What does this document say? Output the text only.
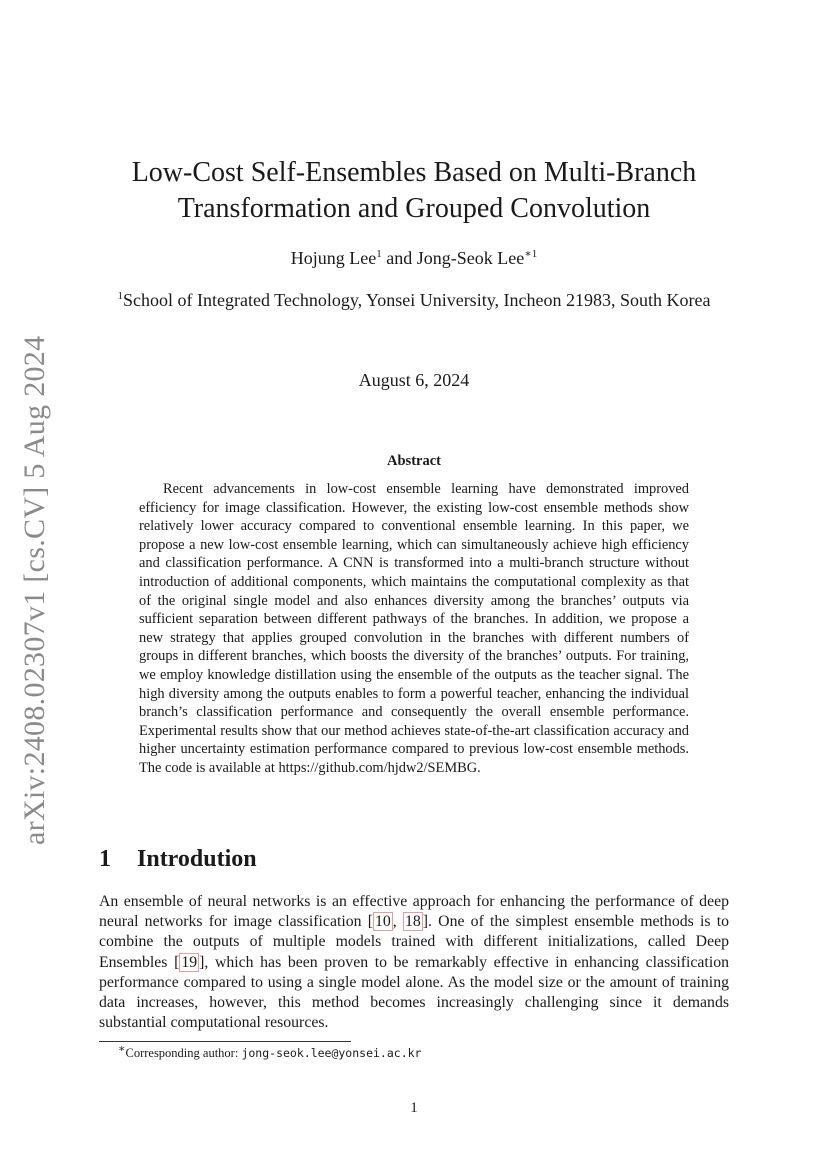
arXiv:2408.02307v1 [cs.CV] 5 Aug 2024
Low-Cost Self-Ensembles Based on Multi-Branch
Transformation and Grouped Convolution
Hojung Lee$^1$ and Jong-Seok Lee$^{∗1}$
$^1$School of Integrated Technology, Yonsei University, Incheon 21983, South Korea
August 6, 2024
Abstract
Recent advancements in low-cost ensemble learning have demonstrated improved efficiency for image classification. However, the existing low-cost ensemble methods show relatively lower accuracy compared to conventional ensemble learning. In this paper, we propose a new low-cost ensemble learning, which can simultaneously achieve high efficiency and classification performance. A CNN is transformed into a multi-branch structure without introduction of additional components, which maintains the computational complexity as that of the original single model and also enhances diversity among the branches’ outputs via sufficient separation between different pathways of the branches. In addition, we propose a new strategy that applies grouped convolution in the branches with different numbers of groups in different branches, which boosts the diversity of the branches’ outputs. For training, we employ knowledge distillation using the ensemble of the outputs as the teacher signal. The high diversity among the outputs enables to form a powerful teacher, enhancing the individual branch’s classification performance and consequently the overall ensemble performance. Experimental results show that our method achieves state-of-the-art classification accuracy and higher uncertainty estimation performance compared to previous low-cost ensemble methods. The code is available at https://github.com/hjdw2/SEMBG.
1 Introdution
An ensemble of neural networks is an effective approach for enhancing the performance of deep neural networks for image classification [ 10 , 18 ]. One of the simplest ensemble methods is to combine the outputs of multiple models trained with different initializations, called Deep Ensembles [ 19 ], which has been proven to be remarkably effective in enhancing classification performance compared to using a single model alone. As the model size or the amount of training data increases, however, this method becomes increasingly challenging since it demands substantial computational resources.
∗Corresponding author: jong-seok.lee@yonsei.ac.kr
1
